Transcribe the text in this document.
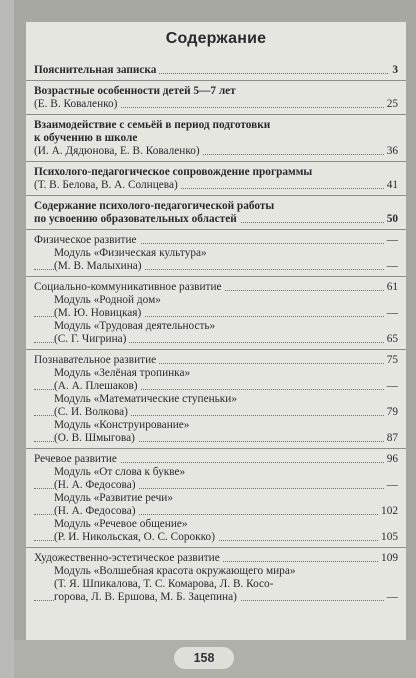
Содержание
Пояснительная записка	3
Возрастные особенности детей 5—7 лет
(Е. В. Коваленко)	25
Взаимодействие с семьёй в период подготовки
к обучению в школе
(И. А. Дядюнова, Е. В. Коваленко)	36
Психолого-педагогическое сопровождение программы
(Т. В. Белова, В. А. Солнцева)	41
Содержание психолого-педагогической работы
по усвоению образовательных областей	50
Физическое развитие	—
Модуль «Физическая культура»
(М. В. Малыхина)	—
Социально-коммуникативное развитие	61
Модуль «Родной дом»
(М. Ю. Новицкая)	—
Модуль «Трудовая деятельность»
(С. Г. Чигрина)	65
Познавательное развитие	75
Модуль «Зелёная тропинка»
(А. А. Плешаков)	—
Модуль «Математические ступеньки»
(С. И. Волкова)	79
Модуль «Конструирование»
(О. В. Шмыгова)	87
Речевое развитие	96
Модуль «От слова к букве»
(Н. А. Федосова)	—
Модуль «Развитие речи»
(Н. А. Федосова)	102
Модуль «Речевое общение»
(Р. И. Никольская, О. С. Сорокко)	105
Художественно-эстетическое развитие	109
Модуль «Волшебная красота окружающего мира»
(Т. Я. Шпикалова, Т. С. Комарова, Л. В. Косо-
горова, Л. В. Ершова, М. Б. Зацепина)	—
158
